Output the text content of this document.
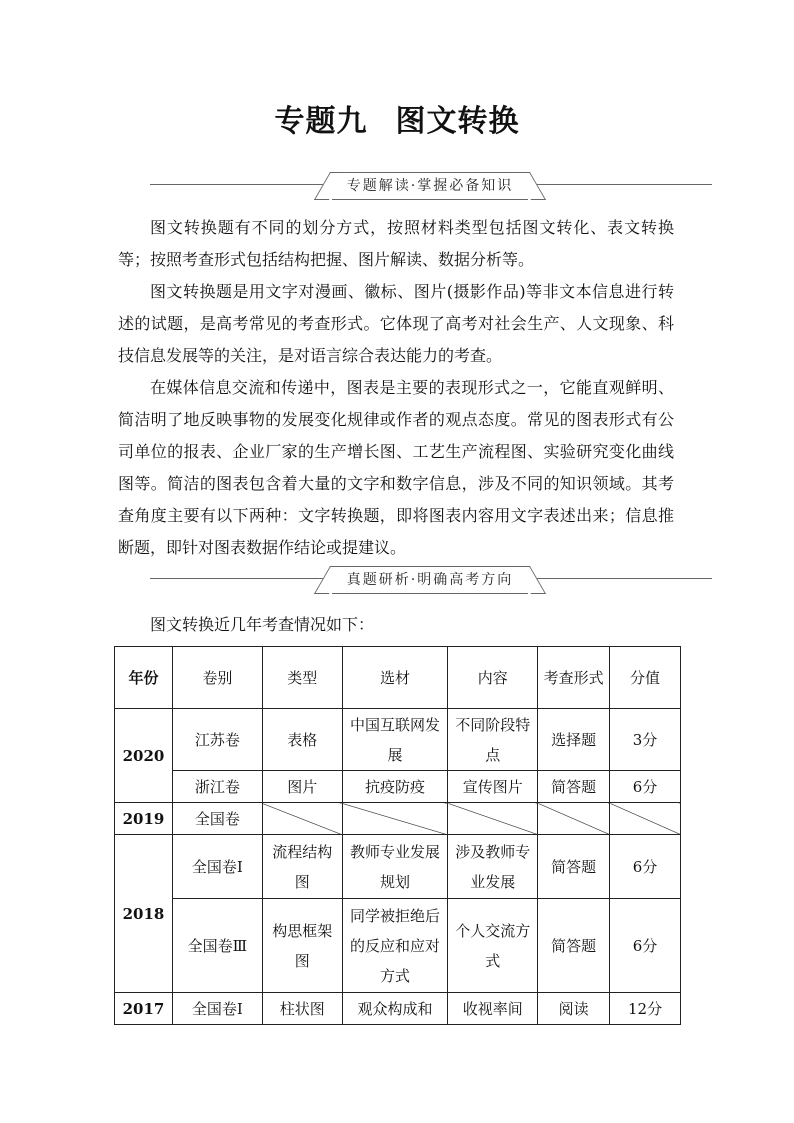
专题九 图文转换
专题解读·掌握必备知识

图文转换题有不同的划分方式，按照材料类型包括图文转化、表文转换等；按照考查形式包括结构把握、图片解读、数据分析等。

图文转换题是用文字对漫画、徽标、图片(摄影作品)等非文本信息进行转述的试题，是高考常见的考查形式。它体现了高考对社会生产、人文现象、科技信息发展等的关注，是对语言综合表达能力的考查。

在媒体信息交流和传递中，图表是主要的表现形式之一，它能直观鲜明、简洁明了地反映事物的发展变化规律或作者的观点态度。常见的图表形式有公司单位的报表、企业厂家的生产增长图、工艺生产流程图、实验研究变化曲线图等。简洁的图表包含着大量的文字和数字信息，涉及不同的知识领域。其考查角度主要有以下两种：文字转换题，即将图表内容用文字表述出来；信息推断题，即针对图表数据作结论或提建议。

真题研析·明确高考方向
图文转换近几年考查情况如下：
年份	卷别	类型	选材	内容	考查形式	分值
2020	江苏卷	表格	中国互联网发展	不同阶段特点	选择题	3分
	浙江卷	图片	抗疫防疫	宣传图片	简答题	6分
2019	全国卷					
2018	全国卷Ⅰ	流程结构图	教师专业发展规划	涉及教师专业发展	简答题	6分
	全国卷Ⅲ	构思框架图	同学被拒绝后的反应和应对方式	个人交流方式	简答题	6分
2017	全国卷Ⅰ	柱状图	观众构成和	收视率间	阅读	12分
